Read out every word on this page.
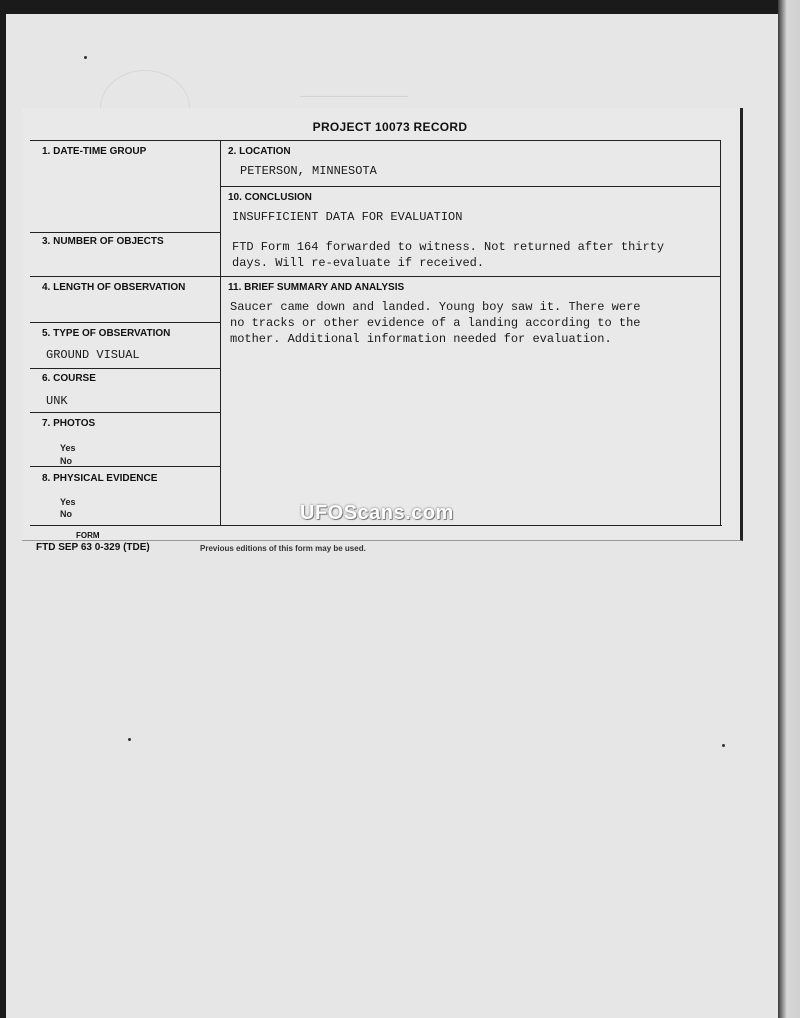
────────────────────
PROJECT 10073 RECORD
1. DATE-TIME GROUP
3. NUMBER OF OBJECTS
4. LENGTH OF OBSERVATION
5. TYPE OF OBSERVATION
GROUND VISUAL
6. COURSE
UNK
7. PHOTOS
Yes
No
8. PHYSICAL EVIDENCE
Yes
No
2. LOCATION
PETERSON, MINNESOTA
10. CONCLUSION
INSUFFICIENT DATA FOR EVALUATION
FTD Form 164 forwarded to witness. Not returned after thirty
days. Will re-evaluate if received.
11. BRIEF SUMMARY AND ANALYSIS
Saucer came down and landed. Young boy saw it. There were
no tracks or other evidence of a landing according to the
mother. Additional information needed for evaluation.
FORM
FTD SEP 63 0-329 (TDE)	Previous editions of this form may be used.
UFOScans.com
